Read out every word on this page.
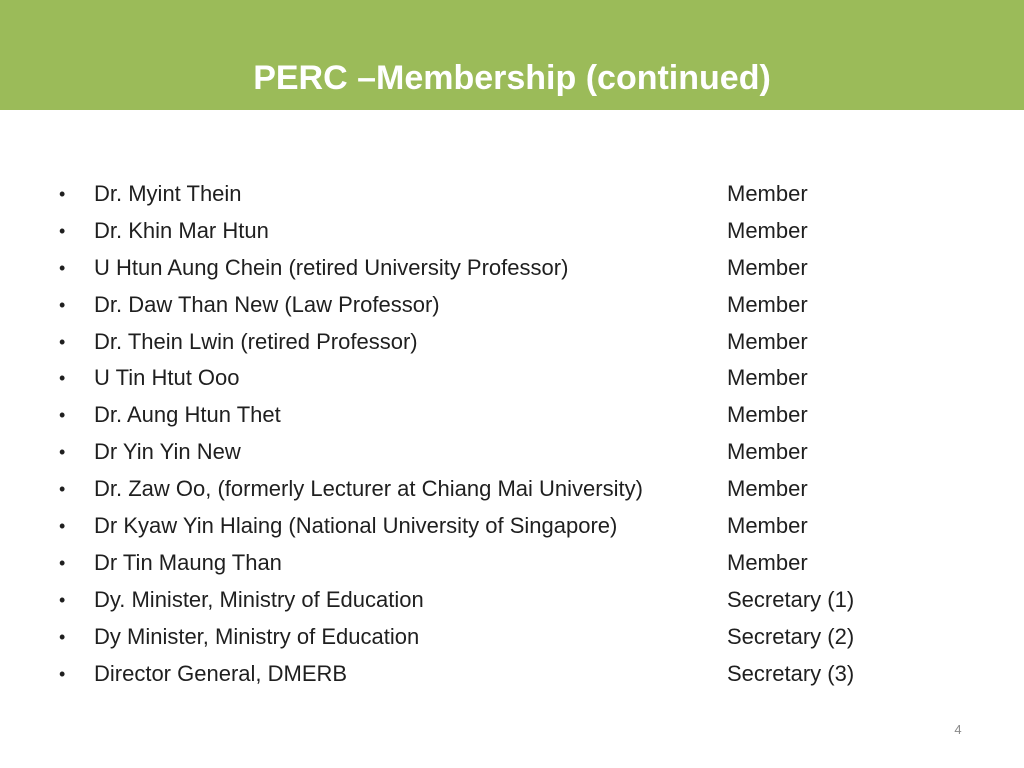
PERC –Membership (continued)
• Dr. Myint Thein	Member
• Dr. Khin Mar Htun	Member
• U Htun Aung Chein (retired University Professor)	Member
• Dr. Daw Than New (Law Professor)	Member
• Dr. Thein Lwin (retired Professor)	Member
• U Tin Htut Ooo	Member
• Dr. Aung Htun Thet	Member
• Dr Yin Yin New	Member
• Dr. Zaw Oo, (formerly Lecturer at Chiang Mai University)	Member
• Dr Kyaw Yin Hlaing (National University of Singapore)	Member
• Dr Tin Maung Than	Member
• Dy. Minister, Ministry of Education	Secretary (1)
• Dy Minister, Ministry of Education	Secretary (2)
• Director General, DMERB	Secretary (3)
4
